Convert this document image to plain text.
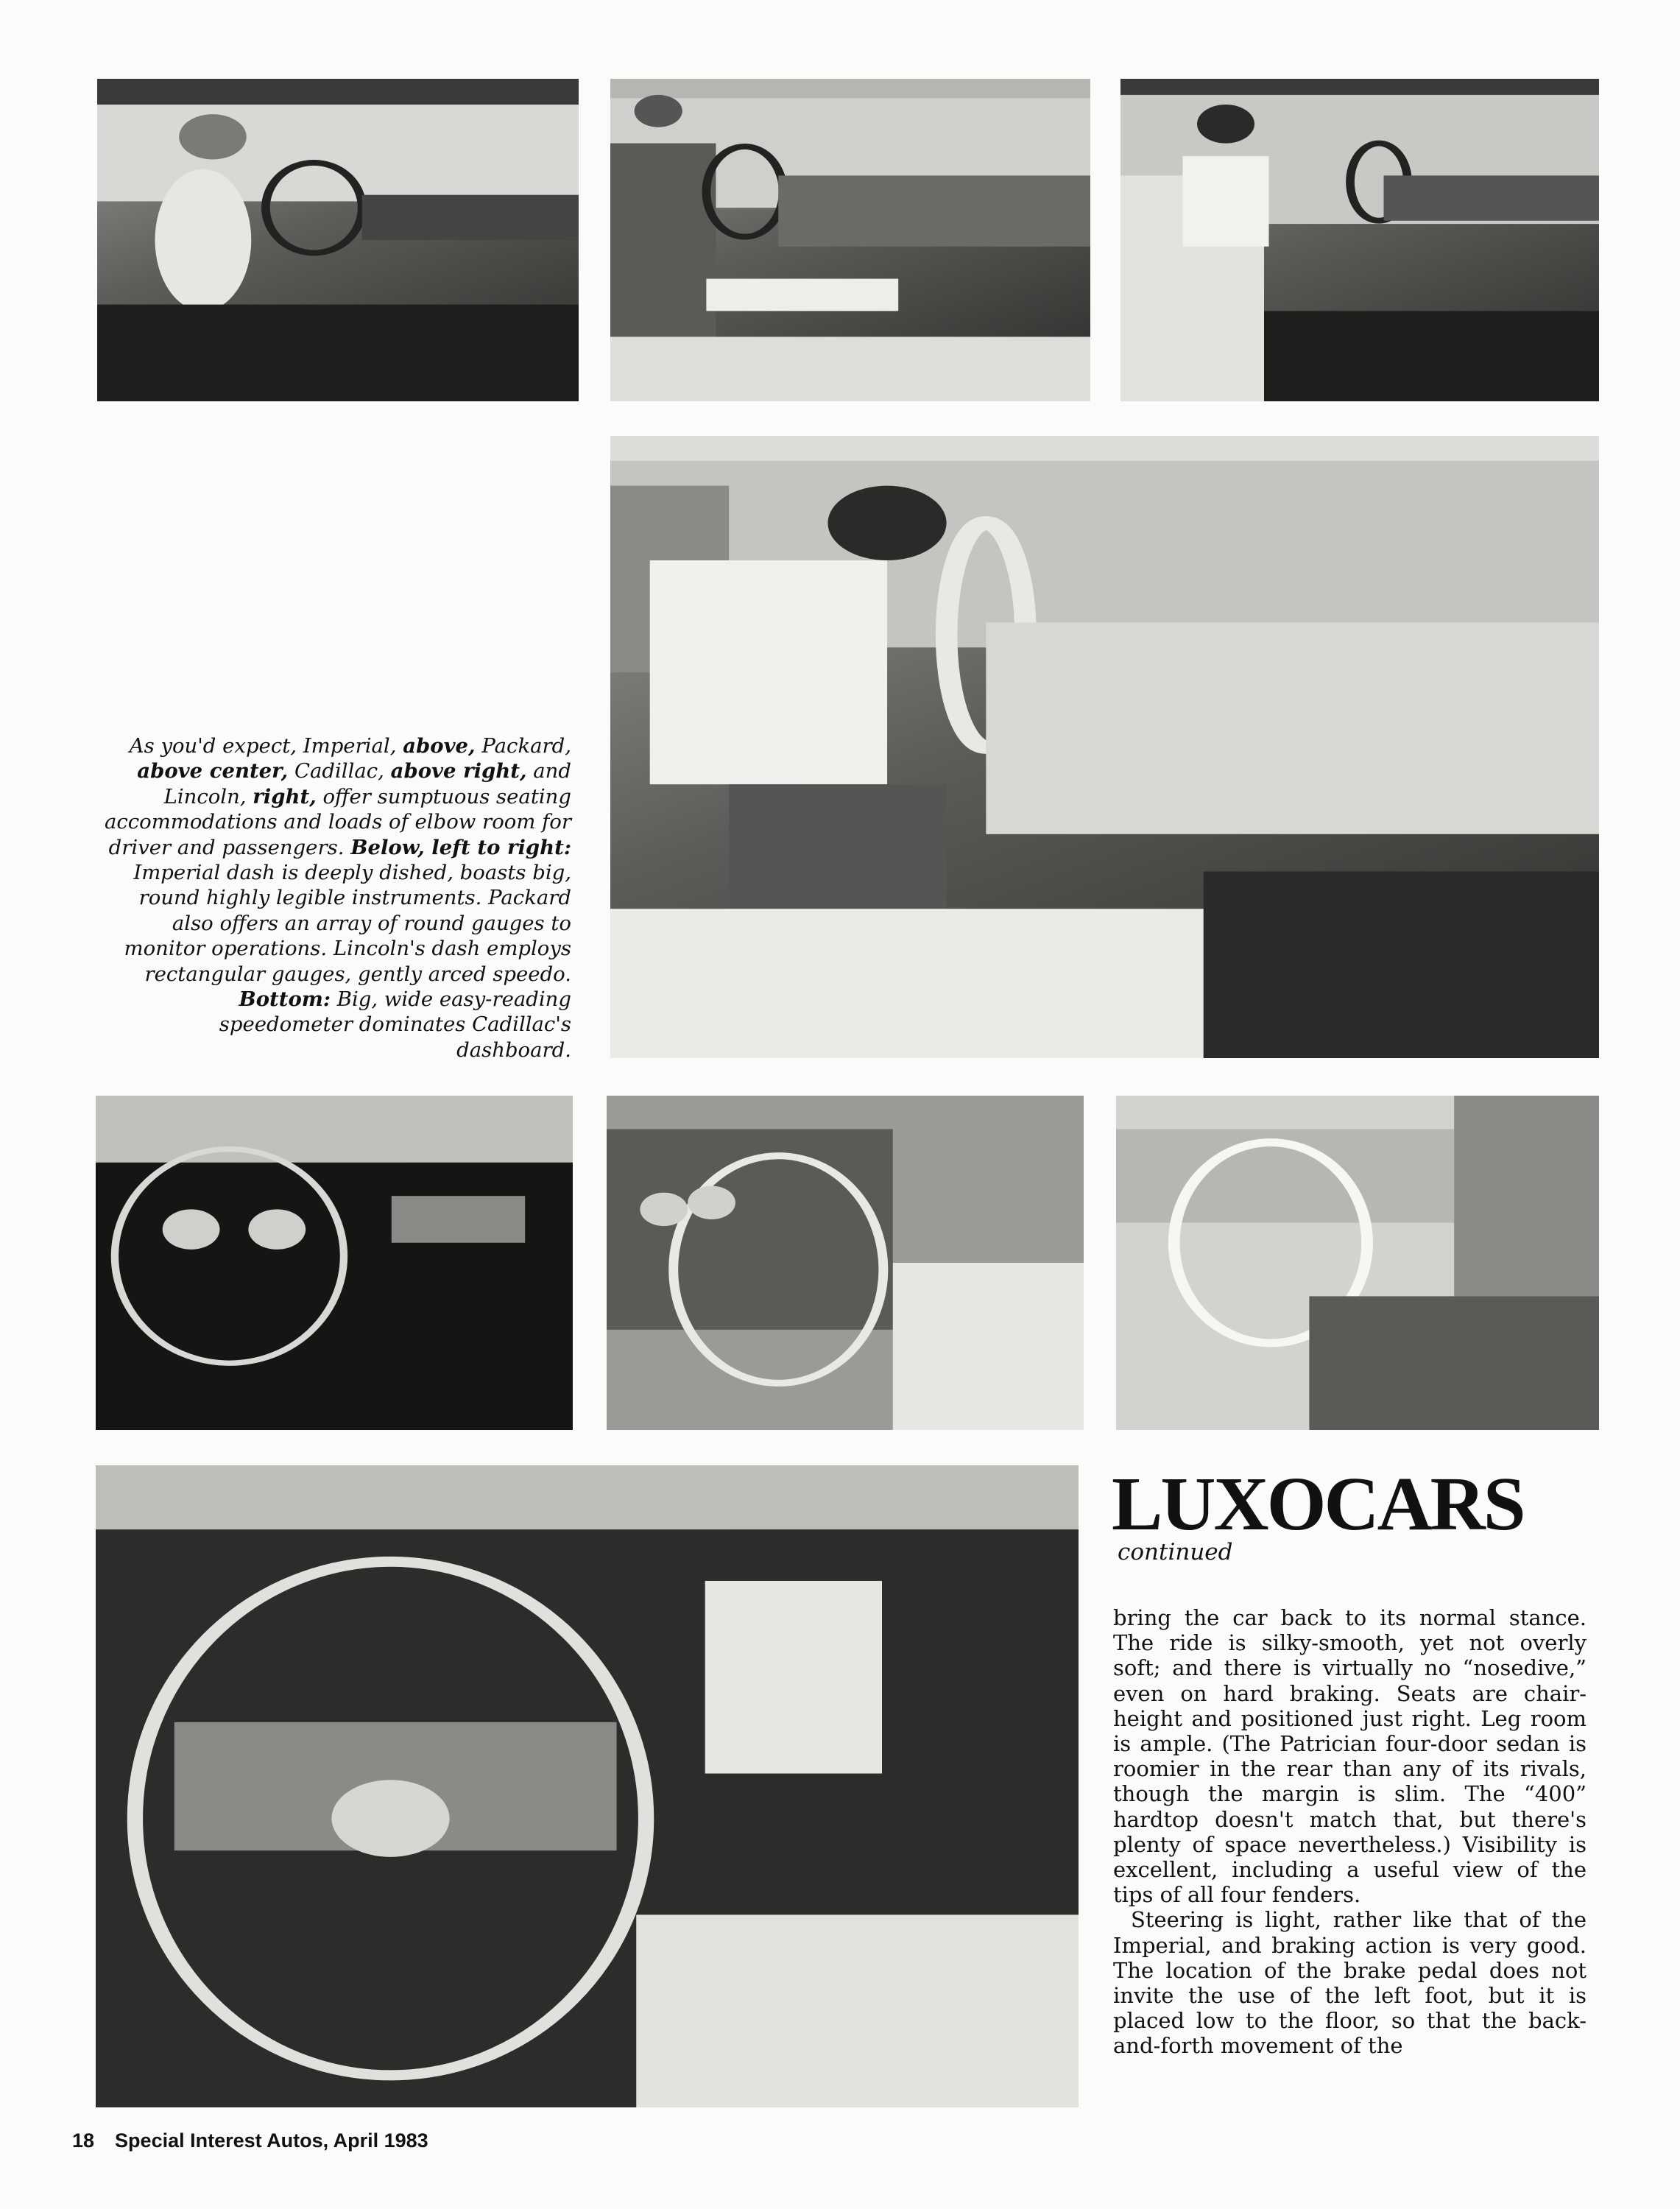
As you'd expect, Imperial, above, Packard, above center, Cadillac, above right, and Lincoln, right, offer sumptuous seating accommodations and loads of elbow room for driver and passengers. Below, left to right: Imperial dash is deeply dished, boasts big, round highly legible instruments. Packard also offers an array of round gauges to monitor operations. Lincoln's dash employs rectangular gauges, gently arced speedo. Bottom: Big, wide easy-reading speedometer dominates Cadillac's dashboard.

LUXOCARS

continued

bring the car back to its normal stance. The ride is silky-smooth, yet not overly soft; and there is virtually no “nosedive,” even on hard braking. Seats are chair-height and positioned just right. Leg room is ample. (The Patrician four-door sedan is roomier in the rear than any of its rivals, though the margin is slim. The “400” hardtop doesn't match that, but there's plenty of space nevertheless.) Visibility is excellent, including a useful view of the tips of all four fenders.

Steering is light, rather like that of the Imperial, and braking action is very good. The location of the brake pedal does not invite the use of the left foot, but it is placed low to the floor, so that the back-and-forth movement of the

18 Special Interest Autos, April 1983
